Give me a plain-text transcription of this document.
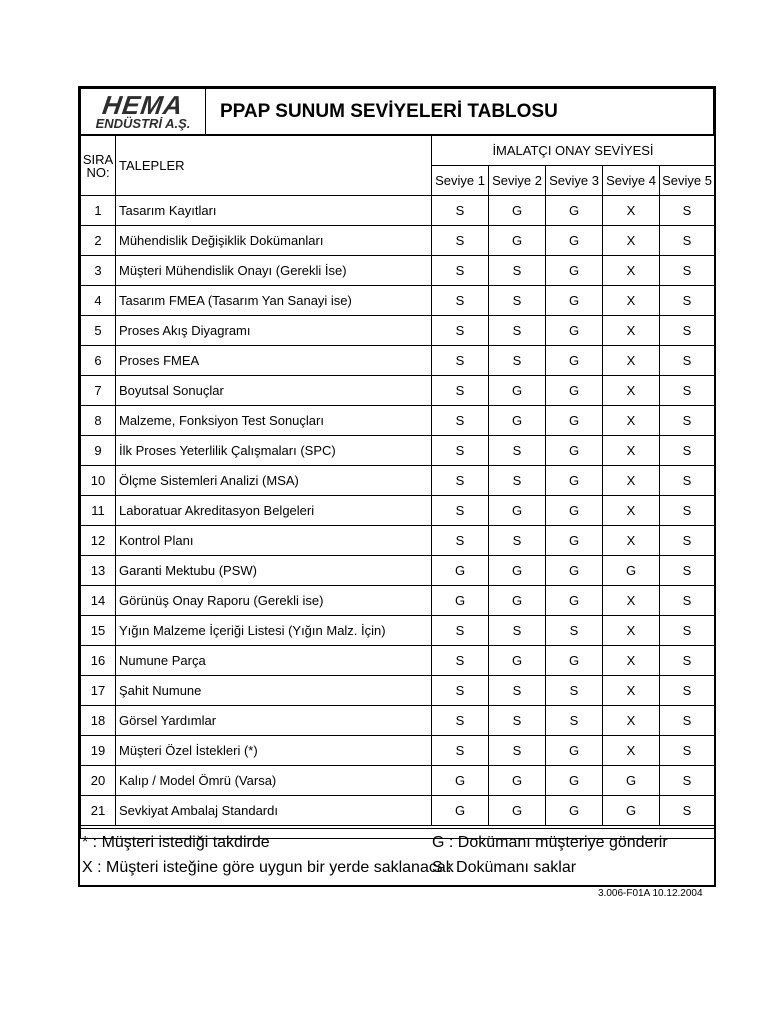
HEMA
ENDÜSTRİ A.Ş.
	PPAP SUNUM SEVİYELERİ TABLOSU
SIRA NO:	TALEPLER	İMALATÇI ONAY SEVİYESİ				
		Seviye 1	Seviye 2	Seviye 3	Seviye 4	Seviye 5
1	Tasarım Kayıtları	S	G	G	X	S
2	Mühendislik Değişiklik Dokümanları	S	G	G	X	S
3	Müşteri Mühendislik Onayı (Gerekli İse)	S	S	G	X	S
4	Tasarım FMEA (Tasarım Yan Sanayi ise)	S	S	G	X	S
5	Proses Akış Diyagramı	S	S	G	X	S
6	Proses FMEA	S	S	G	X	S
7	Boyutsal Sonuçlar	S	G	G	X	S
8	Malzeme, Fonksiyon Test Sonuçları	S	G	G	X	S
9	İlk Proses Yeterlilik Çalışmaları (SPC)	S	S	G	X	S
10	Ölçme Sistemleri Analizi (MSA)	S	S	G	X	S
11	Laboratuar Akreditasyon Belgeleri	S	G	G	X	S
12	Kontrol Planı	S	S	G	X	S
13	Garanti Mektubu (PSW)	G	G	G	G	S
14	Görünüş Onay Raporu (Gerekli ise)	G	G	G	X	S
15	Yığın Malzeme İçeriği Listesi (Yığın Malz. İçin)	S	S	S	X	S
16	Numune Parça	S	G	G	X	S
17	Şahit Numune	S	S	S	X	S
18	Görsel Yardımlar	S	S	S	X	S
19	Müşteri Özel İstekleri (*)	S	S	G	X	S
20	Kalıp / Model Ömrü (Varsa)	G	G	G	G	S
21	Sevkiyat Ambalaj Standardı	G	G	G	G	S

* : Müşteri istediği takdirde	G : Dokümanı müşteriye gönderir
X : Müşteri isteğine göre uygun bir yerde saklanacak
S : Dokümanı saklar
3.006-F01A 10.12.2004
